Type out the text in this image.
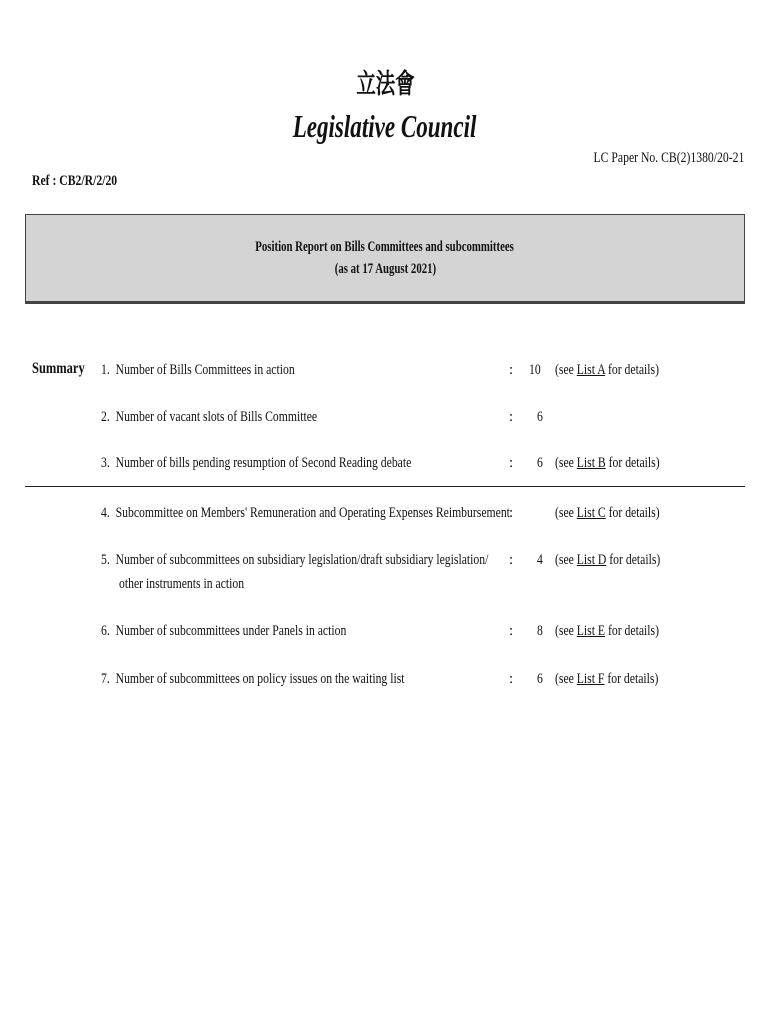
立法會
Legislative Council
LC Paper No. CB(2)1380/20-21
Ref : CB2/R/2/20
Position Report on Bills Committees and subcommittees
(as at 17 August 2021)
Summary	1. Number of Bills Committees in action	:	10 (see List A for details)
2. Number of vacant slots of Bills Committee	:	6
3. Number of bills pending resumption of Second Reading debate	:	6 (see List B for details)
4. Subcommittee on Members' Remuneration and Operating Expenses Reimbursement :	(see List C for details)
5. Number of subcommittees on subsidiary legislation/draft subsidiary legislation/
other instruments in action
:	4 (see List D for details)
6. Number of subcommittees under Panels in action	:	8 (see List E for details)
7. Number of subcommittees on policy issues on the waiting list	:	6 (see List F for details)
